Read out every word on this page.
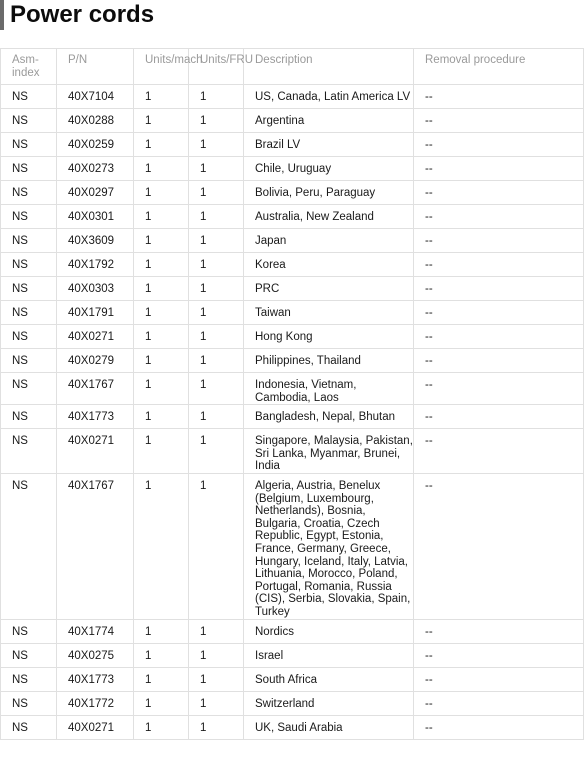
Power cords
Asm-index	P/N	Units/mach	Units/FRU	Description	Removal procedure
NS	40X7104	1	1	US, Canada, Latin America LV	--
NS	40X0288	1	1	Argentina	--
NS	40X0259	1	1	Brazil LV	--
NS	40X0273	1	1	Chile, Uruguay	--
NS	40X0297	1	1	Bolivia, Peru, Paraguay	--
NS	40X0301	1	1	Australia, New Zealand	--
NS	40X3609	1	1	Japan	--
NS	40X1792	1	1	Korea	--
NS	40X0303	1	1	PRC	--
NS	40X1791	1	1	Taiwan	--
NS	40X0271	1	1	Hong Kong	--
NS	40X0279	1	1	Philippines, Thailand	--
NS	40X1767	1	1	Indonesia, Vietnam, Cambodia, Laos	--
NS	40X1773	1	1	Bangladesh, Nepal, Bhutan	--
NS	40X0271	1	1	Singapore, Malaysia, Pakistan, Sri Lanka, Myanmar, Brunei, India	--
NS	40X1767	1	1	Algeria, Austria, Benelux (Belgium, Luxembourg, Netherlands), Bosnia, Bulgaria, Croatia, Czech Republic, Egypt, Estonia, France, Germany, Greece, Hungary, Iceland, Italy, Latvia, Lithuania, Morocco, Poland, Portugal, Romania, Russia (CIS), Serbia, Slovakia, Spain, Turkey	--
NS	40X1774	1	1	Nordics	--
NS	40X0275	1	1	Israel	--
NS	40X1773	1	1	South Africa	--
NS	40X1772	1	1	Switzerland	--
NS	40X0271	1	1	UK, Saudi Arabia	--
